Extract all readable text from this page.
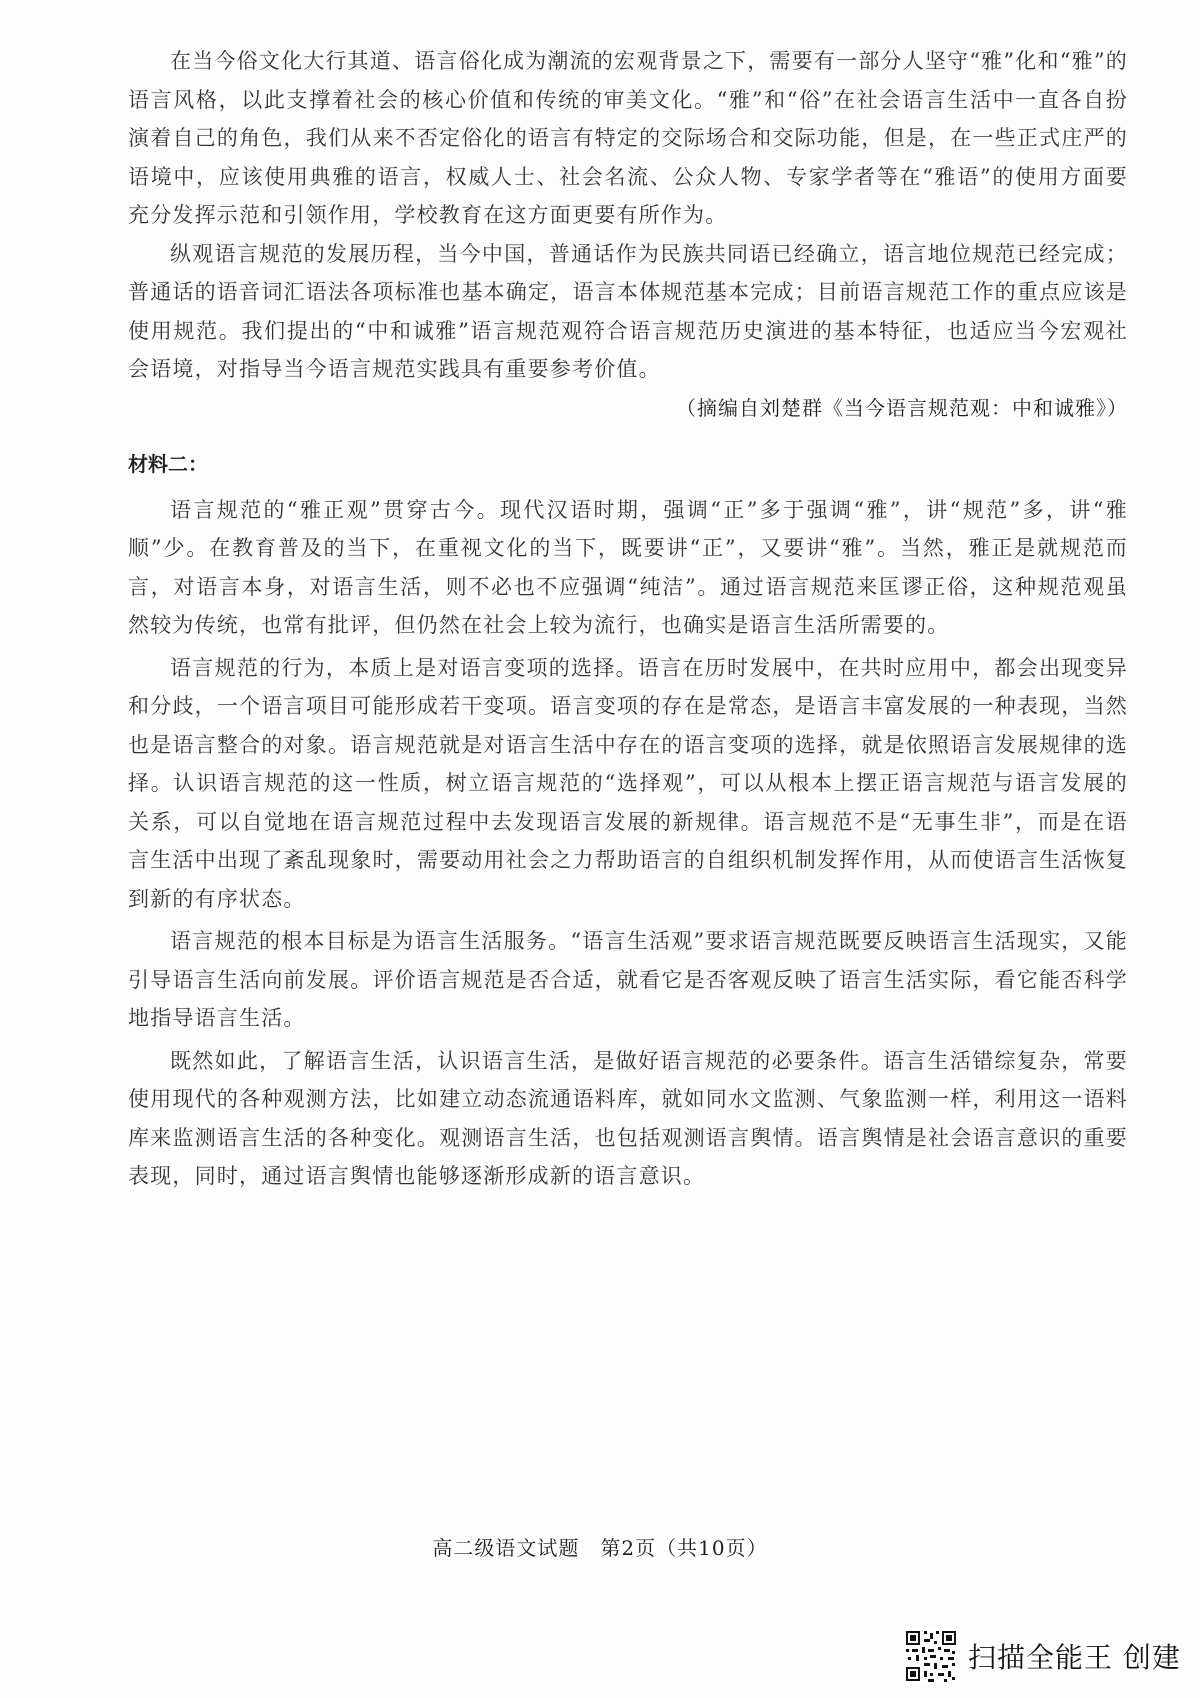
在当今俗文化大行其道、语言俗化成为潮流的宏观背景之下，需要有一部分人坚守“雅”化和“雅”的语言风格，以此支撑着社会的核心价值和传统的审美文化。“雅”和“俗”在社会语言生活中一直各自扮演着自己的角色，我们从来不否定俗化的语言有特定的交际场合和交际功能，但是，在一些正式庄严的语境中，应该使用典雅的语言，权威人士、社会名流、公众人物、专家学者等在“雅语”的使用方面要充分发挥示范和引领作用，学校教育在这方面更要有所作为。

纵观语言规范的发展历程，当今中国，普通话作为民族共同语已经确立，语言地位规范已经完成；普通话的语音词汇语法各项标准也基本确定，语言本体规范基本完成；目前语言规范工作的重点应该是使用规范。我们提出的“中和诚雅”语言规范观符合语言规范历史演进的基本特征，也适应当今宏观社会语境，对指导当今语言规范实践具有重要参考价值。

（摘编自刘楚群《当今语言规范观：中和诚雅》）

材料二：

语言规范的“雅正观”贯穿古今。现代汉语时期，强调“正”多于强调“雅”，讲“规范”多，讲“雅顺”少。在教育普及的当下，在重视文化的当下，既要讲“正”，又要讲“雅”。当然，雅正是就规范而言，对语言本身，对语言生活，则不必也不应强调“纯洁”。通过语言规范来匡谬正俗，这种规范观虽然较为传统，也常有批评，但仍然在社会上较为流行，也确实是语言生活所需要的。

语言规范的行为，本质上是对语言变项的选择。语言在历时发展中，在共时应用中，都会出现变异和分歧，一个语言项目可能形成若干变项。语言变项的存在是常态，是语言丰富发展的一种表现，当然也是语言整合的对象。语言规范就是对语言生活中存在的语言变项的选择，就是依照语言发展规律的选择。认识语言规范的这一性质，树立语言规范的“选择观”，可以从根本上摆正语言规范与语言发展的关系，可以自觉地在语言规范过程中去发现语言发展的新规律。语言规范不是“无事生非”，而是在语言生活中出现了紊乱现象时，需要动用社会之力帮助语言的自组织机制发挥作用，从而使语言生活恢复到新的有序状态。

语言规范的根本目标是为语言生活服务。“语言生活观”要求语言规范既要反映语言生活现实，又能引导语言生活向前发展。评价语言规范是否合适，就看它是否客观反映了语言生活实际，看它能否科学地指导语言生活。

既然如此，了解语言生活，认识语言生活，是做好语言规范的必要条件。语言生活错综复杂，常要使用现代的各种观测方法，比如建立动态流通语料库，就如同水文监测、气象监测一样，利用这一语料库来监测语言生活的各种变化。观测语言生活，也包括观测语言舆情。语言舆情是社会语言意识的重要表现，同时，通过语言舆情也能够逐渐形成新的语言意识。

高二级语文试题　第2页（共10页）
扫描全能王 创建
